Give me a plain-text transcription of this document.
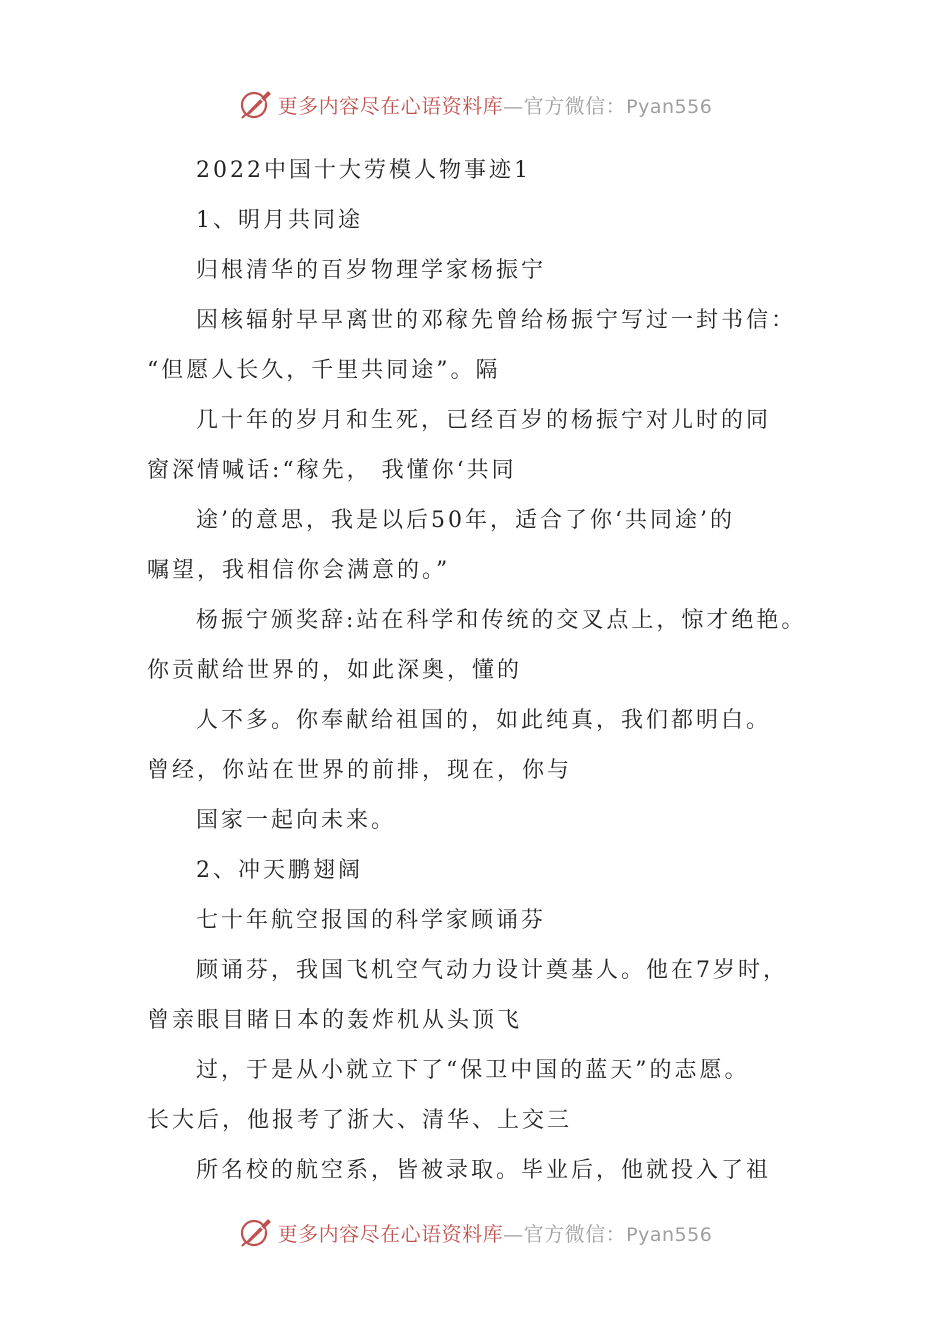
更多内容尽在心语资料库—官方微信：Pyan556
2022中国十大劳模人物事迹1
1、明月共同途
归根清华的百岁物理学家杨振宁
因核辐射早早离世的邓稼先曾给杨振宁写过一封书信：
“但愿人长久，千里共同途”。隔
几十年的岁月和生死，已经百岁的杨振宁对儿时的同
窗深情喊话:“稼先， 我懂你‘共同
途’的意思，我是以后50年，适合了你‘共同途’的
嘱望，我相信你会满意的。”
杨振宁颁奖辞:站在科学和传统的交叉点上，惊才绝艳。
你贡献给世界的，如此深奥，懂的
人不多。你奉献给祖国的，如此纯真，我们都明白。
曾经，你站在世界的前排，现在，你与
国家一起向未来。
2、冲天鹏翅阔
七十年航空报国的科学家顾诵芬
顾诵芬，我国飞机空气动力设计奠基人。他在7岁时，
曾亲眼目睹日本的轰炸机从头顶飞
过，于是从小就立下了“保卫中国的蓝天”的志愿。
长大后，他报考了浙大、清华、上交三
所名校的航空系，皆被录取。毕业后，他就投入了祖
更多内容尽在心语资料库—官方微信：Pyan556
